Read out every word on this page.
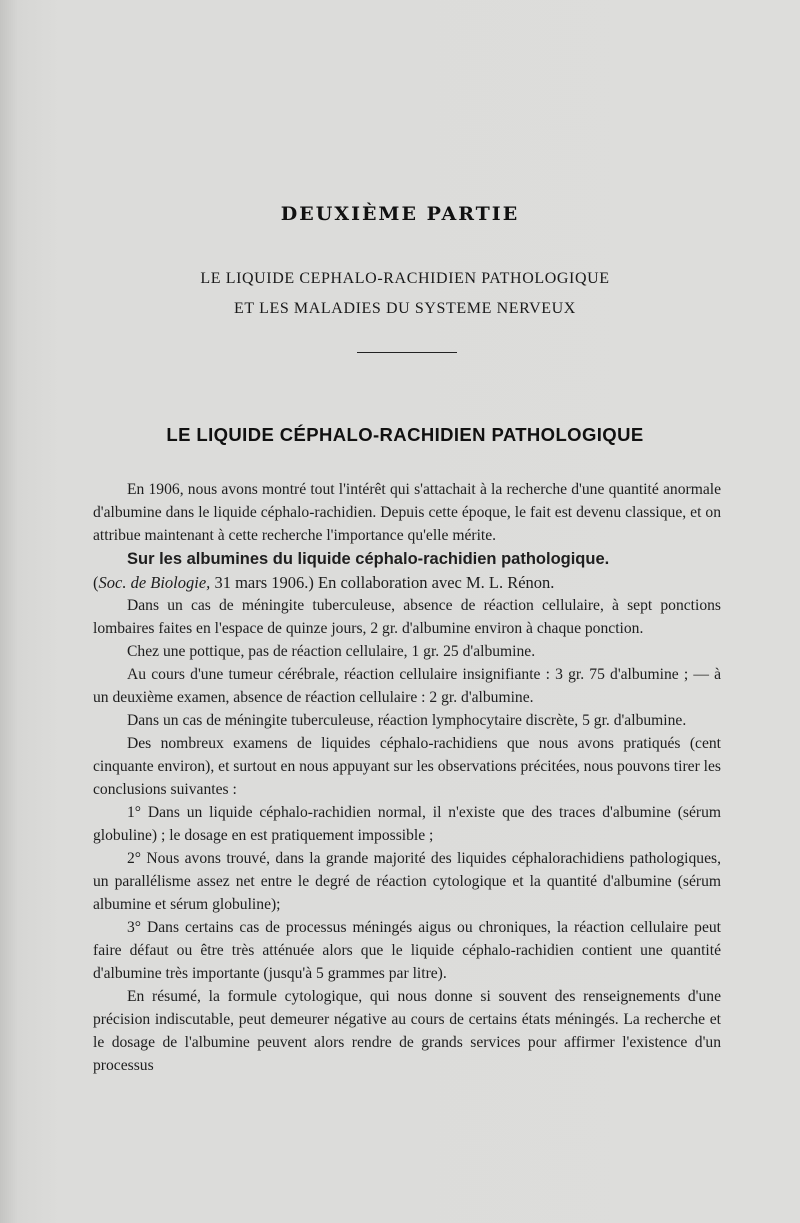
DEUXIÈME PARTIE
LE LIQUIDE CEPHALO-RACHIDIEN PATHOLOGIQUE
ET LES MALADIES DU SYSTEME NERVEUX
LE LIQUIDE CÉPHALO-RACHIDIEN PATHOLOGIQUE

En 1906, nous avons montré tout l'intérêt qui s'attachait à la recherche d'une quantité anormale d'albumine dans le liquide céphalo-rachidien. Depuis cette époque, le fait est devenu classique, et on attribue maintenant à cette recherche l'importance qu'elle mérite.

Sur les albumines du liquide céphalo-rachidien pathologique.
(Soc. de Biologie, 31 mars 1906.) En collaboration avec M. L. Rénon.

Dans un cas de méningite tuberculeuse, absence de réaction cellulaire, à sept ponctions lombaires faites en l'espace de quinze jours, 2 gr. d'albumine environ à chaque ponction.

Chez une pottique, pas de réaction cellulaire, 1 gr. 25 d'albumine.

Au cours d'une tumeur cérébrale, réaction cellulaire insignifiante : 3 gr. 75 d'albumine ; — à un deuxième examen, absence de réaction cellulaire : 2 gr. d'albumine.

Dans un cas de méningite tuberculeuse, réaction lymphocytaire discrète, 5 gr. d'albumine.

Des nombreux examens de liquides céphalo-rachidiens que nous avons pratiqués (cent cinquante environ), et surtout en nous appuyant sur les observations précitées, nous pouvons tirer les conclusions suivantes :

1° Dans un liquide céphalo-rachidien normal, il n'existe que des traces d'albumine (sérum globuline) ; le dosage en est pratiquement impossible ;

2° Nous avons trouvé, dans la grande majorité des liquides céphalorachidiens pathologiques, un parallélisme assez net entre le degré de réaction cytologique et la quantité d'albumine (sérum albumine et sérum globuline);

3° Dans certains cas de processus méningés aigus ou chroniques, la réaction cellulaire peut faire défaut ou être très atténuée alors que le liquide céphalo-rachidien contient une quantité d'albumine très importante (jusqu'à 5 grammes par litre).

En résumé, la formule cytologique, qui nous donne si souvent des renseignements d'une précision indiscutable, peut demeurer négative au cours de certains états méningés. La recherche et le dosage de l'albumine peuvent alors rendre de grands services pour affirmer l'existence d'un processus
